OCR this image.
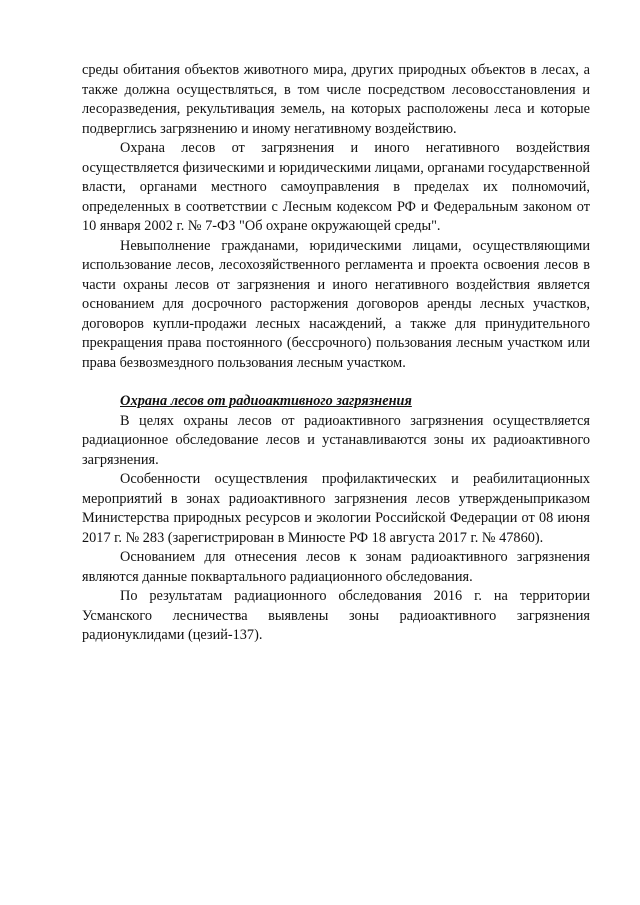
среды обитания объектов животного мира, других природных объектов в лесах, а также должна осуществляться, в том числе посредством лесовосстановления и лесоразведения, рекультивация земель, на которых расположены леса и которые подверглись загрязнению и иному негативному воздействию.

Охрана лесов от загрязнения и иного негативного воздействия осуществляется физическими и юридическими лицами, органами государственной власти, органами местного самоуправления в пределах их полномочий, определенных в соответствии с Лесным кодексом РФ и Федеральным законом от 10 января 2002 г. № 7-ФЗ "Об охране окружающей среды".

Невыполнение гражданами, юридическими лицами, осуществляющими использование лесов, лесохозяйственного регламента и проекта освоения лесов в части охраны лесов от загрязнения и иного негативного воздействия является основанием для досрочного расторжения договоров аренды лесных участков, договоров купли-продажи лесных насаждений, а также для принудительного прекращения права постоянного (бессрочного) пользования лесным участком или права безвозмездного пользования лесным участком.

Охрана лесов от радиоактивного загрязнения

В целях охраны лесов от радиоактивного загрязнения осуществляется радиационное обследование лесов и устанавливаются зоны их радиоактивного загрязнения.

Особенности осуществления профилактических и реабилитационных мероприятий в зонах радиоактивного загрязнения лесов утвержденыприказом Министерства природных ресурсов и экологии Российской Федерации от 08 июня 2017 г. № 283 (зарегистрирован в Минюсте РФ 18 августа 2017 г. № 47860).

Основанием для отнесения лесов к зонам радиоактивного загрязнения являются данные поквартального радиационного обследования.

По результатам радиационного обследования 2016 г. на территории Усманского лесничества выявлены зоны радиоактивного загрязнения радионуклидами (цезий-137).
